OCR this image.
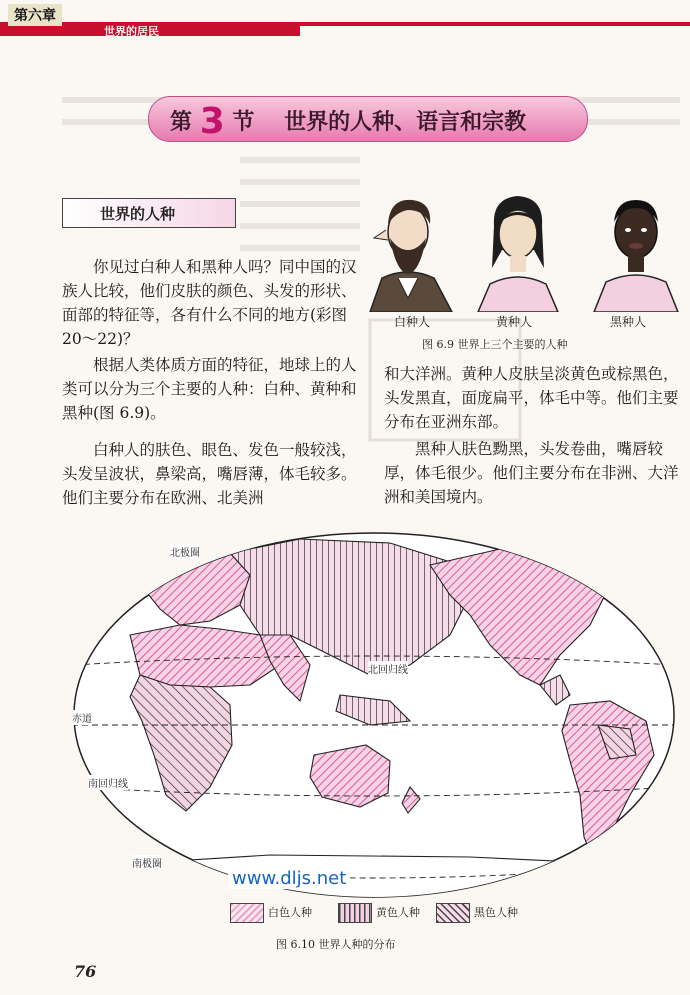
第六章
世界的居民
第 3 节 世界的人种、语言和宗教
世界的人种

你见过白种人和黑种人吗？同中国的汉族人比较，他们皮肤的颜色、头发的形状、面部的特征等，各有什么不同的地方(彩图 20～22)？

根据人类体质方面的特征，地球上的人类可以分为三个主要的人种：白种、黄种和黑种(图 6.9)。

白种人的肤色、眼色、发色一般较浅，头发呈波状，鼻梁高，嘴唇薄，体毛较多。他们主要分布在欧洲、北美洲

和大洋洲。黄种人皮肤呈淡黄色或棕黑色，头发黑直，面庞扁平，体毛中等。他们主要分布在亚洲东部。

黑种人肤色黝黑，头发卷曲，嘴唇较厚，体毛很少。他们主要分布在非洲、大洋洲和美国境内。

白种人	黄种人	黑种人
图 6.9 世界上三个主要的人种
北极圈
北回归线
赤道
南回归线
南极圈
www.dljs.net
白色人种	黄色人种	黑色人种
图 6.10 世界人种的分布
76
